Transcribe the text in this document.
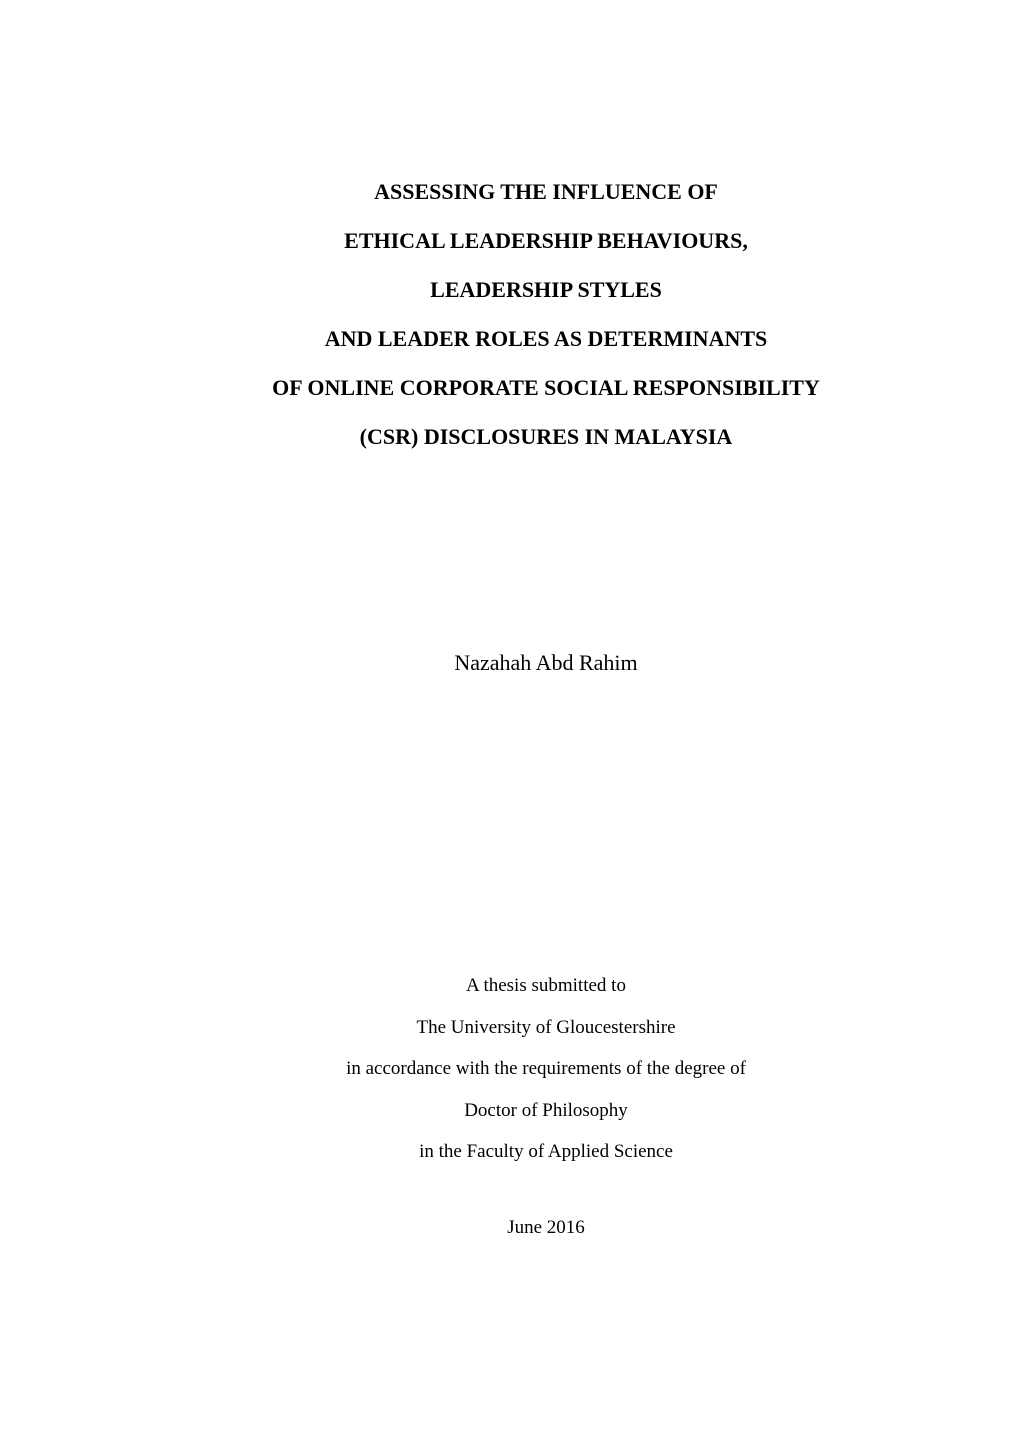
ASSESSING THE INFLUENCE OF
ETHICAL LEADERSHIP BEHAVIOURS,
LEADERSHIP STYLES
AND LEADER ROLES AS DETERMINANTS
OF ONLINE CORPORATE SOCIAL RESPONSIBILITY
(CSR) DISCLOSURES IN MALAYSIA
Nazahah Abd Rahim
A thesis submitted to
The University of Gloucestershire
in accordance with the requirements of the degree of
Doctor of Philosophy
in the Faculty of Applied Science
June 2016
